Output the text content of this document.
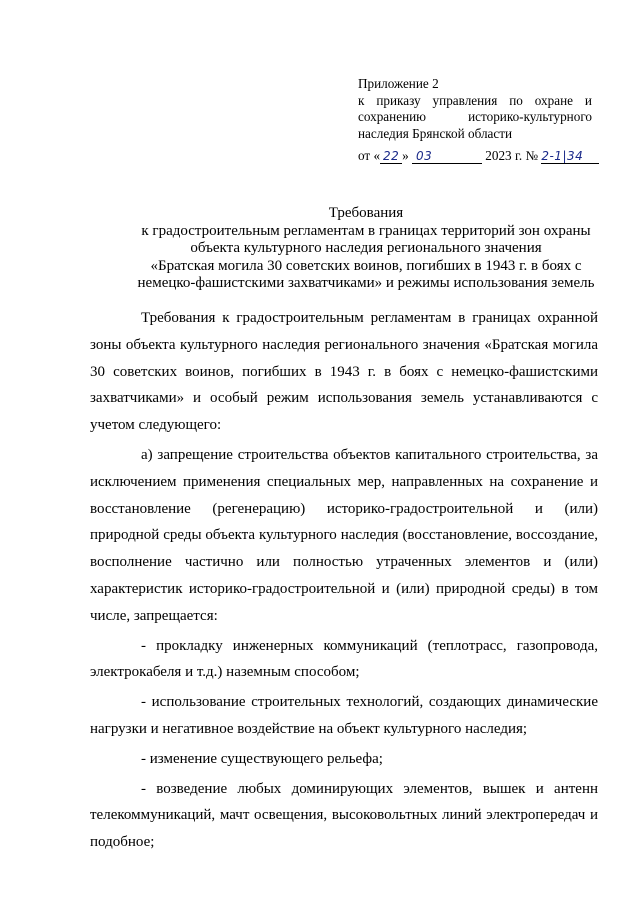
Приложение 2
к приказу управления по охране и
сохранению историко-культурного
наследия Брянской области
от « 22 » 03	2023 г. № 2-1|34
Требования
к градостроительным регламентам в границах территорий зон охраны
объекта культурного наследия регионального значения
«Братская могила 30 советских воинов, погибших в 1943 г. в боях с
немецко-фашистскими захватчиками» и режимы использования земель

Требования к градостроительным регламентам в границах охранной зоны объекта культурного наследия регионального значения «Братская могила 30 советских воинов, погибших в 1943 г. в боях с немецко-фашистскими захватчиками» и особый режим использования земель устанавливаются с учетом следующего:

а) запрещение строительства объектов капитального строительства, за исключением применения специальных мер, направленных на сохранение и восстановление (регенерацию) историко-градостроительной и (или) природной среды объекта культурного наследия (восстановление, воссоздание, восполнение частично или полностью утраченных элементов и (или) характеристик историко-градостроительной и (или) природной среды) в том числе, запрещается:

- прокладку инженерных коммуникаций (теплотрасс, газопровода, электрокабеля и т.д.) наземным способом;

- использование строительных технологий, создающих динамические нагрузки и негативное воздействие на объект культурного наследия;

- изменение существующего рельефа;

- возведение любых доминирующих элементов, вышек и антенн телекоммуникаций, мачт освещения, высоковольтных линий электропередач и подобное;
